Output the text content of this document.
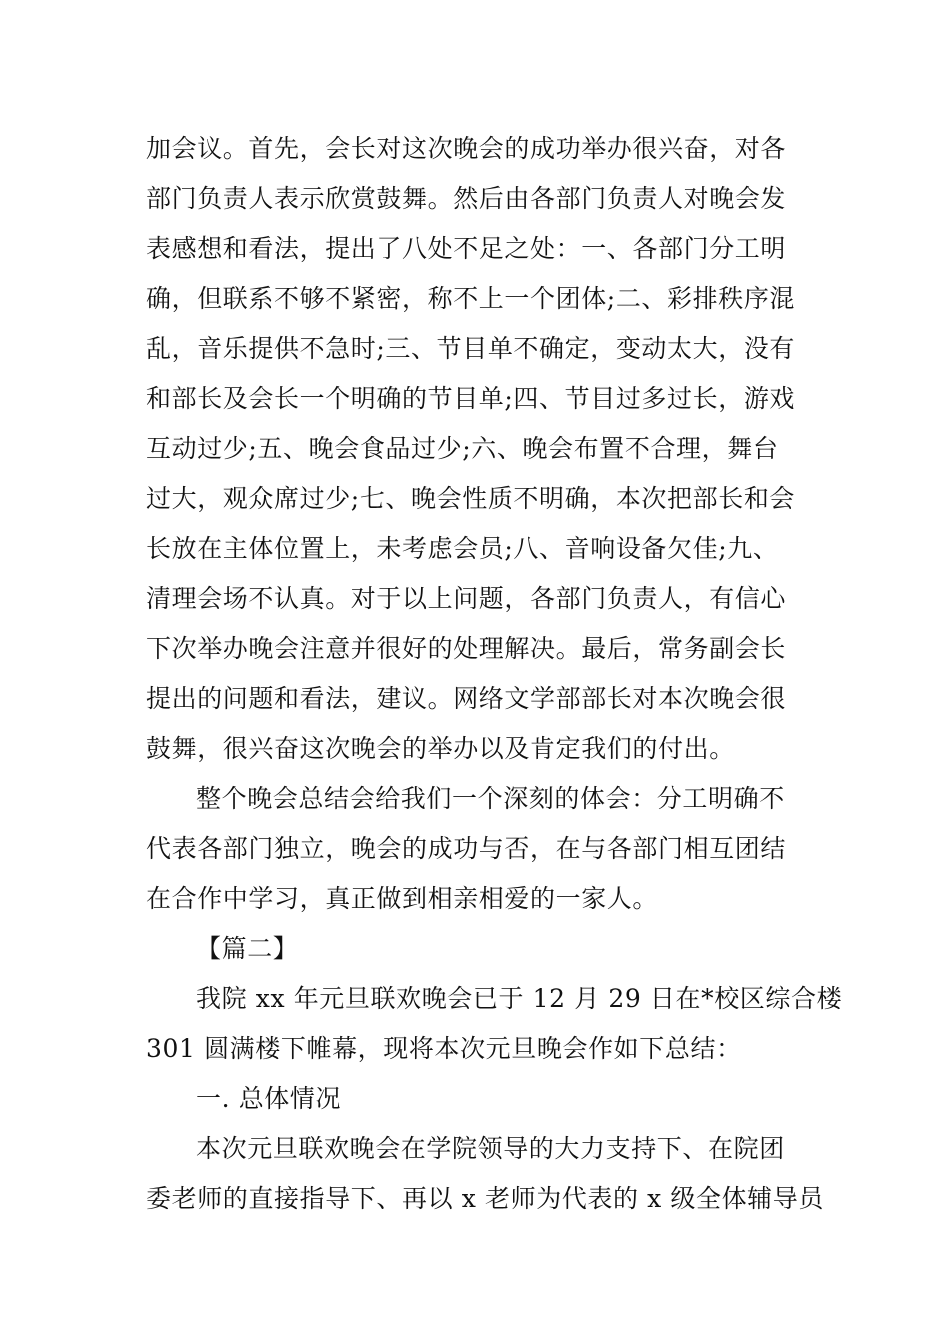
加会议。首先，会长对这次晚会的成功举办很兴奋，对各
部门负责人表示欣赏鼓舞。然后由各部门负责人对晚会发
表感想和看法，提出了八处不足之处：一、各部门分工明
确，但联系不够不紧密，称不上一个团体;二、彩排秩序混
乱，音乐提供不急时;三、节目单不确定，变动太大，没有
和部长及会长一个明确的节目单;四、节目过多过长，游戏
互动过少;五、晚会食品过少;六、晚会布置不合理，舞台
过大，观众席过少;七、晚会性质不明确，本次把部长和会
长放在主体位置上，未考虑会员;八、音响设备欠佳;九、
清理会场不认真。对于以上问题，各部门负责人，有信心
下次举办晚会注意并很好的处理解决。最后，常务副会长
提出的问题和看法，建议。网络文学部部长对本次晚会很
鼓舞，很兴奋这次晚会的举办以及肯定我们的付出。

整个晚会总结会给我们一个深刻的体会：分工明确不
代表各部门独立，晚会的成功与否，在与各部门相互团结
在合作中学习，真正做到相亲相爱的一家人。

【篇二】

我院 xx 年元旦联欢晚会已于 12 月 29 日在*校区综合楼
301 圆满楼下帷幕，现将本次元旦晚会作如下总结：

一. 总体情况

本次元旦联欢晚会在学院领导的大力支持下、在院团
委老师的直接指导下、再以 x 老师为代表的 x 级全体辅导员
